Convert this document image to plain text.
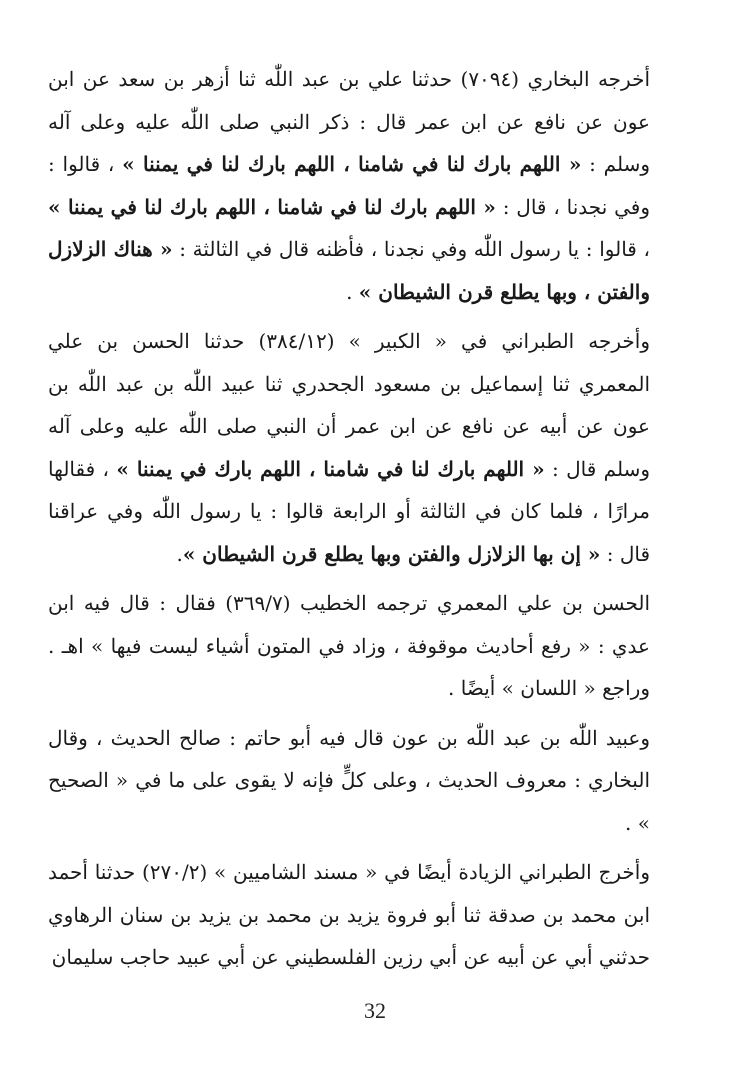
أخرجه البخاري (٧٠٩٤) حدثنا علي بن عبد اللّٰه ثنا أزهر بن سعد عن ابن عون عن نافع عن ابن عمر قال : ذكر النبي صلى اللّٰه عليه وعلى آله وسلم : « اللهم بارك لنا في شامنا ، اللهم بارك لنا في يمننا » ، قالوا : وفي نجدنا ، قال : « اللهم بارك لنا في شامنا ، اللهم بارك لنا في يمننا » ، قالوا : يا رسول اللّٰه وفي نجدنا ، فأظنه قال في الثالثة : « هناك الزلازل والفتن ، وبها يطلع قرن الشيطان » .

وأخرجه الطبراني في « الكبير » (٣٨٤/١٢) حدثنا الحسن بن علي المعمري ثنا إسماعيل بن مسعود الجحدري ثنا عبيد اللّٰه بن عبد اللّٰه بن عون عن أبيه عن نافع عن ابن عمر أن النبي صلى اللّٰه عليه وعلى آله وسلم قال : « اللهم بارك لنا في شامنا ، اللهم بارك في يمننا » ، فقالها مرارًا ، فلما كان في الثالثة أو الرابعة قالوا : يا رسول اللّٰه وفي عراقنا قال : « إن بها الزلازل والفتن وبها يطلع قرن الشيطان ».

الحسن بن علي المعمري ترجمه الخطيب (٣٦٩/٧) فقال : قال فيه ابن عدي : « رفع أحاديث موقوفة ، وزاد في المتون أشياء ليست فيها » اهـ . وراجع « اللسان » أيضًا .

وعبيد اللّٰه بن عبد اللّٰه بن عون قال فيه أبو حاتم : صالح الحديث ، وقال البخاري : معروف الحديث ، وعلى كلٍّ فإنه لا يقوى على ما في « الصحيح » .

وأخرج الطبراني الزيادة أيضًا في « مسند الشاميين » (٢٧٠/٢) حدثنا أحمد ابن محمد بن صدقة ثنا أبو فروة يزيد بن محمد بن يزيد بن سنان الرهاوي حدثني أبي عن أبيه عن أبي رزين الفلسطيني عن أبي عبيد حاجب سليمان

32
